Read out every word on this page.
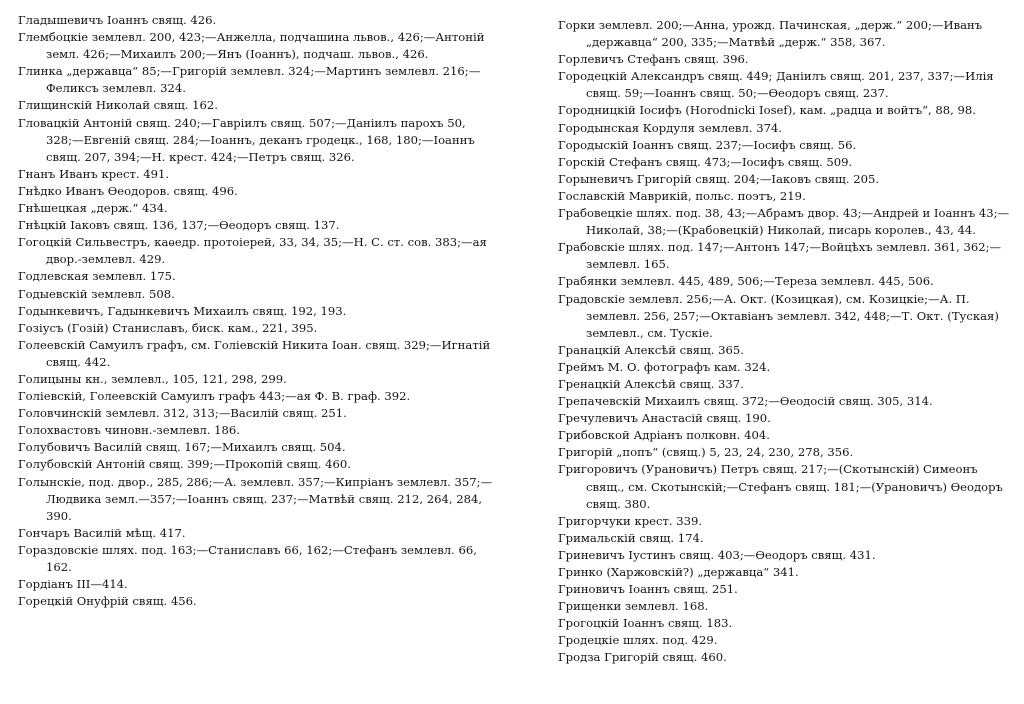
Гладышевичъ Іоаннъ свящ. 426.

Глембоцкіе землевл. 200, 423;—Анжелла, подчашина львов., 426;—Антоній земл. 426;—Михаилъ 200;—Янъ (Іоаннъ), подчаш. львов., 426.

Глинка „державца“ 85;—Григорій землевл. 324;—Мартинъ землевл. 216;—Феликсъ землевл. 324.

Глищинскій Николай свящ. 162.

Гловацкій Антоній свящ. 240;—Гавріилъ свящ. 507;—Даніилъ парохъ 50, 328;—Евгеній свящ. 284;—Іоаннъ, деканъ гродецк., 168, 180;—Іоаннъ свящ. 207, 394;—Н. крест. 424;—Петръ свящ. 326.

Гнанъ Иванъ крест. 491.

Гнѣдко Иванъ Ѳеодоров. свящ. 496.

Гнѣшецкая „держ.“ 434.

Гнѣцкій Іаковъ свящ. 136, 137;—Ѳеодоръ свящ. 137.

Гогоцкій Сильвестръ, каѳедр. протоіерей, 33, 34, 35;—Н. С. ст. сов. 383;—ая двор.-землевл. 429.

Годлевская землевл. 175.

Годыевскій землевл. 508.

Годынкевичъ, Гадынкевичъ Михаилъ свящ. 192, 193.

Гозіусъ (Гозій) Станиславъ, биск. кам., 221, 395.

Голеевскій Самуилъ графъ, см. Голіевскій Никита Іоан. свящ. 329;—Игнатій свящ. 442.

Голицыны кн., землевл., 105, 121, 298, 299.

Голіевскій, Голеевскій Самуилъ графъ 443;—ая Ф. В. граф. 392.

Головчинскій землевл. 312, 313;—Василій свящ. 251.

Голохвастовъ чиновн.-землевл. 186.

Голубовичъ Василій свящ. 167;—Михаилъ свящ. 504.

Голубовскій Антоній свящ. 399;—Прокопій свящ. 460.

Голынскіе, под. двор., 285, 286;—А. землевл. 357;—Кипріанъ землевл. 357;—Людвика земл.—357;—Іоаннъ свящ. 237;—Матвѣй свящ. 212, 264, 284, 390.

Гончаръ Василій мѣщ. 417.

Гораздовскіе шлях. под. 163;—Станиславъ 66, 162;—Стефанъ землевл. 66, 162.

Гордіанъ III—414.

Горецкій Онуфрій свящ. 456.

Горки землевл. 200;—Анна, урожд. Пачинская, „держ.“ 200;—Иванъ „державца“ 200, 335;—Матвѣй „держ.“ 358, 367.

Горлевичъ Стефанъ свящ. 396.

Городецкій Александръ свящ. 449; Даніилъ свящ. 201, 237, 337;—Илія свящ. 59;—Іоаннъ свящ. 50;—Ѳеодоръ свящ. 237.

Городницкій Іосифъ (Horodnicki Iosef), кам. „радца и войтъ“, 88, 98.

Городынская Кордуля землевл. 374.

Городыскій Іоаннъ свящ. 237;—Іосифъ свящ. 56.

Горскій Стефанъ свящ. 473;—Іосифъ свящ. 509.

Горыневичъ Григорій свящ. 204;—Іаковъ свящ. 205.

Гославскій Маврикій, польс. поэтъ, 219.

Грабовецкіе шлях. под. 38, 43;—Абрамъ двор. 43;—Андрей и Іоаннъ 43;—Николай, 38;—(Крабовецкій) Николай, писарь королев., 43, 44.

Грабовскіе шлях. под. 147;—Антонъ 147;—Войцѣхъ землевл. 361, 362;—землевл. 165.

Грабянки землевл. 445, 489, 506;—Тереза землевл. 445, 506.

Градовскіе землевл. 256;—А. Окт. (Козицкая), см. Козицкіе;—А. П. землевл. 256, 257;—Октавіанъ землевл. 342, 448;—Т. Окт. (Туская) землевл., см. Тускіе.

Гранацкій Алексѣй свящ. 365.

Греймъ М. О. фотографъ кам. 324.

Гренацкій Алексѣй свящ. 337.

Грепачевскій Михаилъ свящ. 372;—Ѳеодосій свящ. 305, 314.

Гречулевичъ Анастасій свящ. 190.

Грибовской Адріанъ полковн. 404.

Григорій „попъ“ (свящ.) 5, 23, 24, 230, 278, 356.

Григоровичъ (Урановичъ) Петръ свящ. 217;—(Скотынскій) Симеонъ свящ., см. Скотынскій;—Стефанъ свящ. 181;—(Урановичъ) Ѳеодоръ свящ. 380.

Григорчуки крест. 339.

Гримальскій свящ. 174.

Гриневичъ Іустинъ свящ. 403;—Ѳеодоръ свящ. 431.

Гринко (Харжовскій?) „державца“ 341.

Гриновичъ Іоаннъ свящ. 251.

Грищенки землевл. 168.

Грогоцкій Іоаннъ свящ. 183.

Гродецкіе шлях. под. 429.

Гродза Григорій свящ. 460.
